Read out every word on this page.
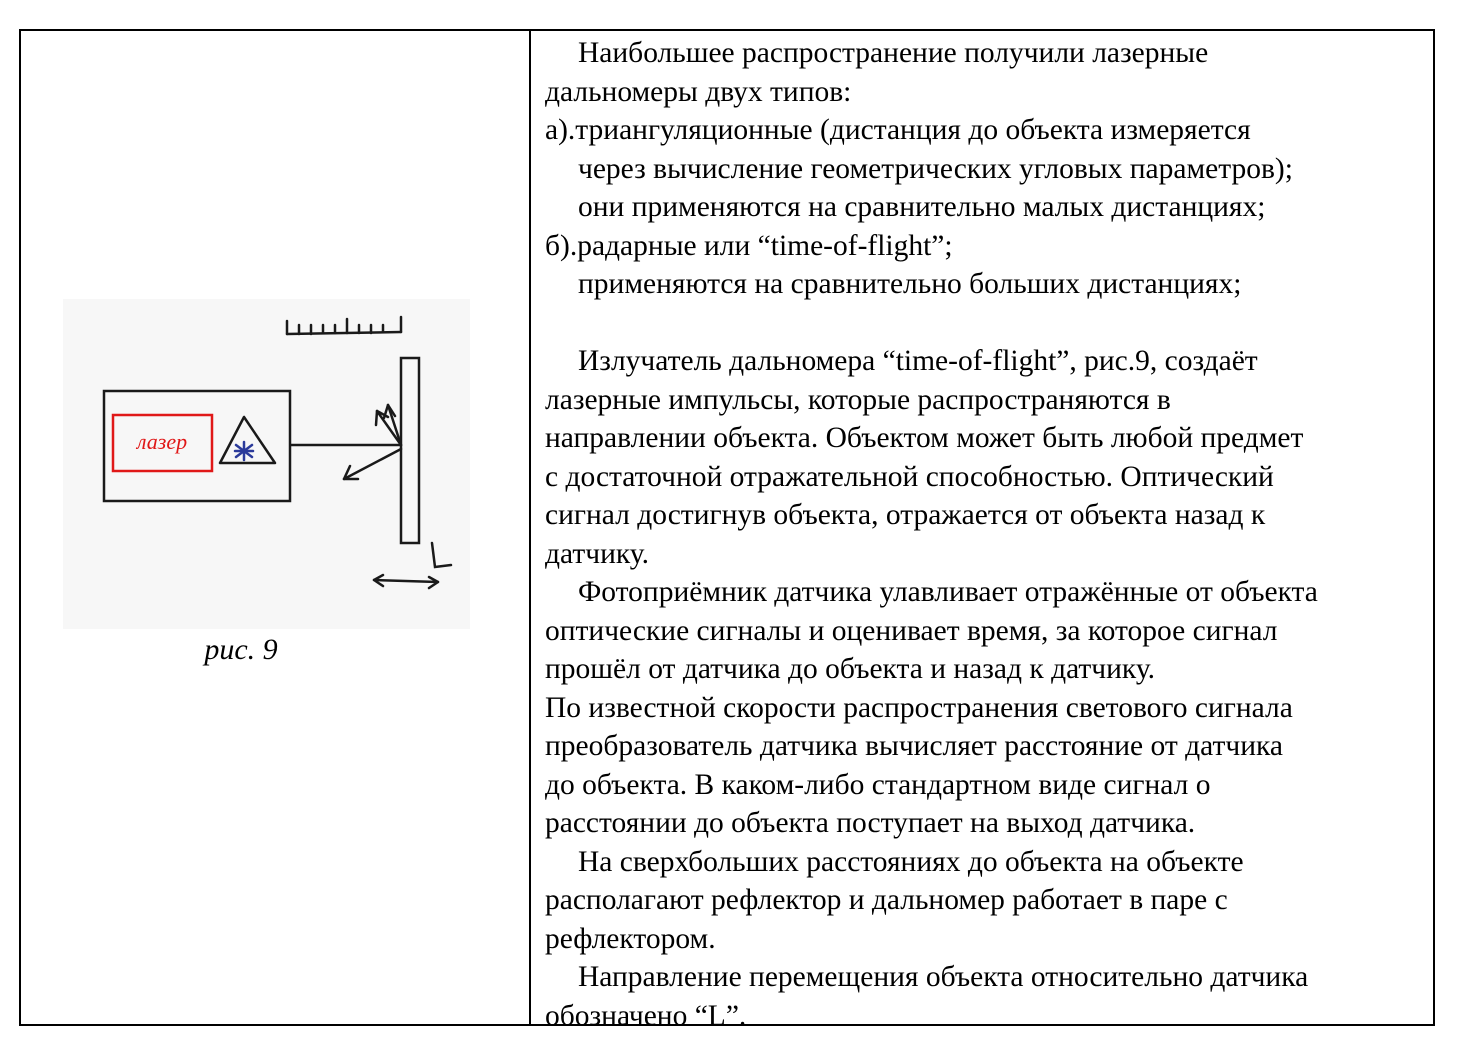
лазер
L
рис. 9
Наибольшее распространение получили лазерные
дальномеры двух типов:
а).триангуляционные (дистанция до объекта измеряется
через вычисление геометрических угловых параметров);
они применяются на сравнительно малых дистанциях;
б).радарные или “time-of-flight”;
применяются на сравнительно больших дистанциях;
Излучатель дальномера “time-of-flight”, рис.9, создаёт
лазерные импульсы, которые распространяются в
направлении объекта. Объектом может быть любой предмет
с достаточной отражательной способностью. Оптический
сигнал достигнув объекта, отражается от объекта назад к
датчику.
Фотоприёмник датчика улавливает отражённые от объекта
оптические сигналы и оценивает время, за которое сигнал
прошёл от датчика до объекта и назад к датчику.
По известной скорости распространения светового сигнала
преобразователь датчика вычисляет расстояние от датчика
до объекта. В каком-либо стандартном виде сигнал о
расстоянии до объекта поступает на выход датчика.
На сверхбольших расстояниях до объекта на объекте
располагают рефлектор и дальномер работает в паре с
рефлектором.
Направление перемещения объекта относительно датчика
обозначено “L”.
